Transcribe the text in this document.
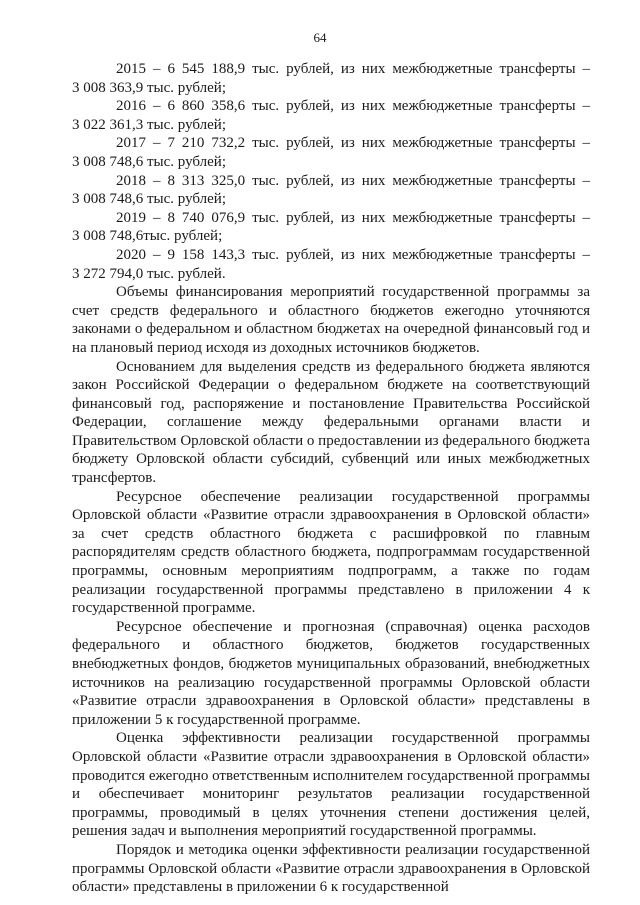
64
2015 – 6 545 188,9 тыс. рублей, из них межбюджетные трансферты –
3 008 363,9 тыс. рублей;
2016 – 6 860 358,6 тыс. рублей, из них межбюджетные трансферты –
3 022 361,3 тыс. рублей;
2017 – 7 210 732,2 тыс. рублей, из них межбюджетные трансферты –
3 008 748,6 тыс. рублей;
2018 – 8 313 325,0 тыс. рублей, из них межбюджетные трансферты –
3 008 748,6 тыс. рублей;
2019 – 8 740 076,9 тыс. рублей, из них межбюджетные трансферты –
3 008 748,6тыс. рублей;
2020 – 9 158 143,3 тыс. рублей, из них межбюджетные трансферты –
3 272 794,0 тыс. рублей.

Объемы финансирования мероприятий государственной программы за счет средств федерального и областного бюджетов ежегодно уточняются законами о федеральном и областном бюджетах на очередной финансовый год и на плановый период исходя из доходных источников бюджетов.

Основанием для выделения средств из федерального бюджета являются закон Российской Федерации о федеральном бюджете на соответствующий финансовый год, распоряжение и постановление Правительства Российской Федерации, соглашение между федеральными органами власти и Правительством Орловской области о предоставлении из федерального бюджета бюджету Орловской области субсидий, субвенций или иных межбюджетных трансфертов.

Ресурсное обеспечение реализации государственной программы Орловской области «Развитие отрасли здравоохранения в Орловской области» за счет средств областного бюджета с расшифровкой по главным распорядителям средств областного бюджета, подпрограммам государственной программы, основным мероприятиям подпрограмм, а также по годам реализации государственной программы представлено в приложении 4 к государственной программе.

Ресурсное обеспечение и прогнозная (справочная) оценка расходов федерального и областного бюджетов, бюджетов государственных внебюджетных фондов, бюджетов муниципальных образований, внебюджетных источников на реализацию государственной программы Орловской области «Развитие отрасли здравоохранения в Орловской области» представлены в приложении 5 к государственной программе.

Оценка эффективности реализации государственной программы Орловской области «Развитие отрасли здравоохранения в Орловской области» проводится ежегодно ответственным исполнителем государственной программы и обеспечивает мониторинг результатов реализации государственной программы, проводимый в целях уточнения степени достижения целей, решения задач и выполнения мероприятий государственной программы.

Порядок и методика оценки эффективности реализации государственной программы Орловской области «Развитие отрасли здравоохранения в Орловской области» представлены в приложении 6 к государственной
